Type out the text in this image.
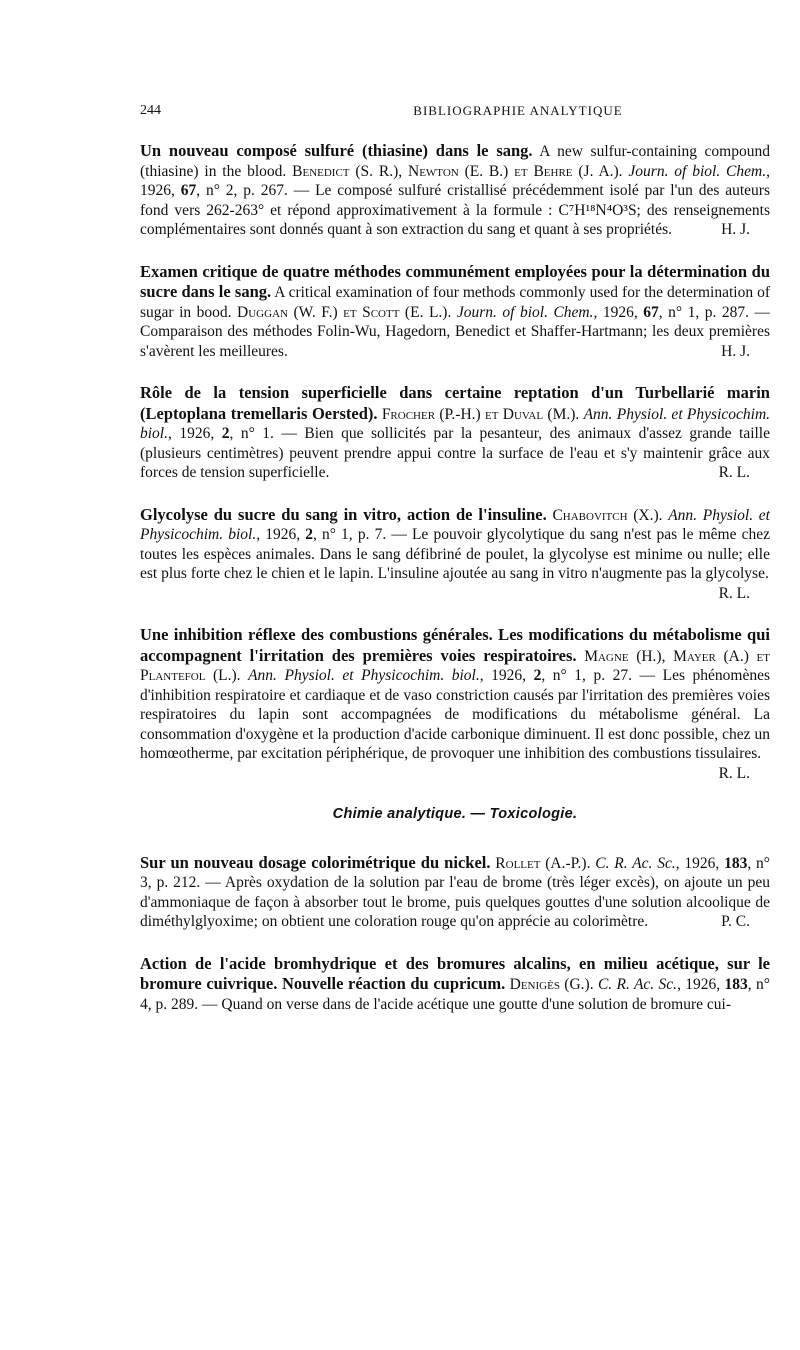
244	BIBLIOGRAPHIE ANALYTIQUE

Un nouveau composé sulfuré (thiasine) dans le sang. A new sulfur-containing compound (thiasine) in the blood. Benedict (S. R.), Newton (E. B.) et Behre (J. A.). Journ. of biol. Chem., 1926, 67, n° 2, p. 267. — Le composé sulfuré cristallisé précédemment isolé par l'un des auteurs fond vers 262-263° et répond approximativement à la formule : C⁷H¹⁸N⁴O³S; des renseignements complémentaires sont donnés quant à son extraction du sang et quant à ses propriétés.	H. J.

Examen critique de quatre méthodes communément employées pour la détermination du sucre dans le sang. A critical examination of four methods commonly used for the determination of sugar in bood. Duggan (W. F.) et Scott (E. L.). Journ. of biol. Chem., 1926, 67, n° 1, p. 287. — Comparaison des méthodes Folin-Wu, Hagedorn, Benedict et Shaffer-Hartmann; les deux premières s'avèrent les meilleures.	H. J.

Rôle de la tension superficielle dans certaine reptation d'un Turbellarié marin (Leptoplana tremellaris Oersted). Frocher (P.-H.) et Duval (M.). Ann. Physiol. et Physicochim. biol., 1926, 2, n° 1. — Bien que sollicités par la pesanteur, des animaux d'assez grande taille (plusieurs centimètres) peuvent prendre appui contre la surface de l'eau et s'y maintenir grâce aux forces de tension superficielle.	R. L.

Glycolyse du sucre du sang in vitro, action de l'insuline. Chabovitch (X.). Ann. Physiol. et Physicochim. biol., 1926, 2, n° 1, p. 7. — Le pouvoir glycolytique du sang n'est pas le même chez toutes les espèces animales. Dans le sang défibriné de poulet, la glycolyse est minime ou nulle; elle est plus forte chez le chien et le lapin. L'insuline ajoutée au sang in vitro n'augmente pas la glycolyse.
R. L.

Une inhibition réflexe des combustions générales. Les modifications du métabolisme qui accompagnent l'irritation des premières voies respiratoires. Magne (H.), Mayer (A.) et Plantefol (L.). Ann. Physiol. et Physicochim. biol., 1926, 2, n° 1, p. 27. — Les phénomènes d'inhibition respiratoire et cardiaque et de vaso constriction causés par l'irritation des premières voies respiratoires du lapin sont accompagnées de modifications du métabolisme général. La consommation d'oxygène et la production d'acide carbonique diminuent. Il est donc possible, chez un homœotherme, par excitation périphérique, de provoquer une inhibition des combustions tissulaires.
R. L.

Chimie analytique. — Toxicologie.

Sur un nouveau dosage colorimétrique du nickel. Rollet (A.-P.). C. R. Ac. Sc., 1926, 183, n° 3, p. 212. — Après oxydation de la solution par l'eau de brome (très léger excès), on ajoute un peu d'ammoniaque de façon à absorber tout le brome, puis quelques gouttes d'une solution alcoolique de diméthylglyoxime; on obtient une coloration rouge qu'on apprécie au colorimètre.	P. C.

Action de l'acide bromhydrique et des bromures alcalins, en milieu acétique, sur le bromure cuivrique. Nouvelle réaction du cupricum. Denigès (G.). C. R. Ac. Sc., 1926, 183, n° 4, p. 289. — Quand on verse dans de l'acide acétique une goutte d'une solution de bromure cui-
